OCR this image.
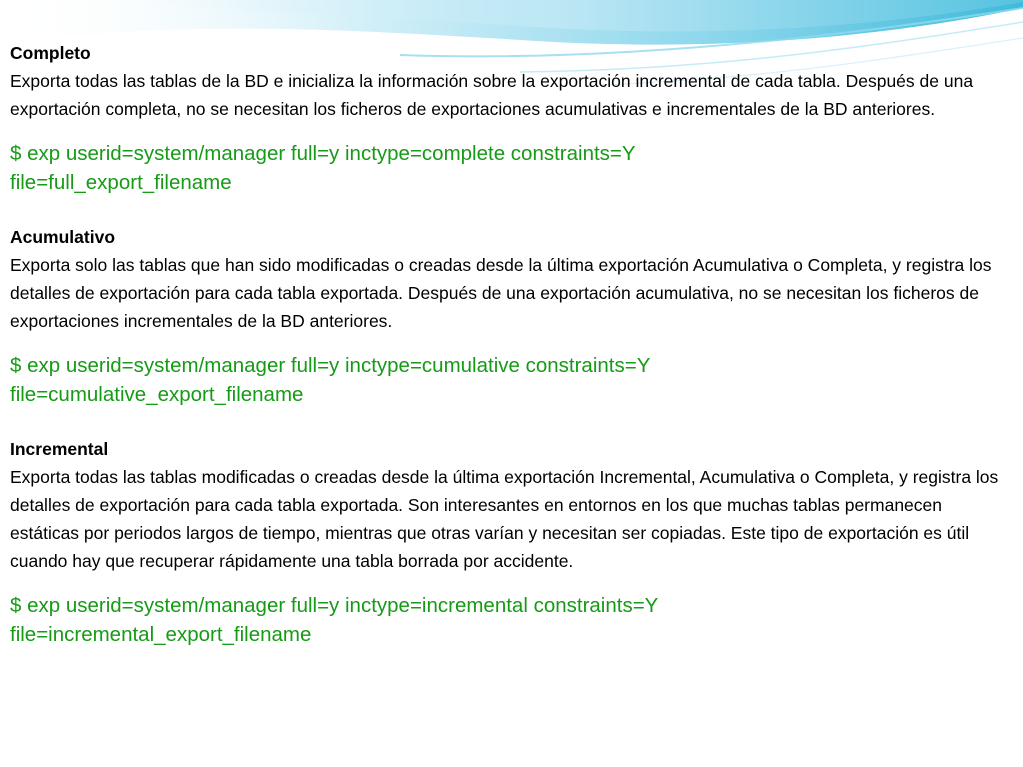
Completo

Exporta todas las tablas de la BD e inicializa la información sobre la exportación incremental de cada tabla. Después de una exportación completa, no se necesitan los ficheros de exportaciones acumulativas e incrementales de la BD anteriores.

$ exp userid=system/manager full=y inctype=complete constraints=Y
file=full_export_filename

Acumulativo

Exporta solo las tablas que han sido modificadas o creadas desde la última exportación Acumulativa o Completa, y registra los detalles de exportación para cada tabla exportada. Después de una exportación acumulativa, no se necesitan los ficheros de exportaciones incrementales de la BD anteriores.

$ exp userid=system/manager full=y inctype=cumulative constraints=Y
file=cumulative_export_filename

Incremental

Exporta todas las tablas modificadas o creadas desde la última exportación Incremental, Acumulativa o Completa, y registra los detalles de exportación para cada tabla exportada. Son interesantes en entornos en los que muchas tablas permanecen estáticas por periodos largos de tiempo, mientras que otras varían y necesitan ser copiadas. Este tipo de exportación es útil cuando hay que recuperar rápidamente una tabla borrada por accidente.

$ exp userid=system/manager full=y inctype=incremental constraints=Y
file=incremental_export_filename
